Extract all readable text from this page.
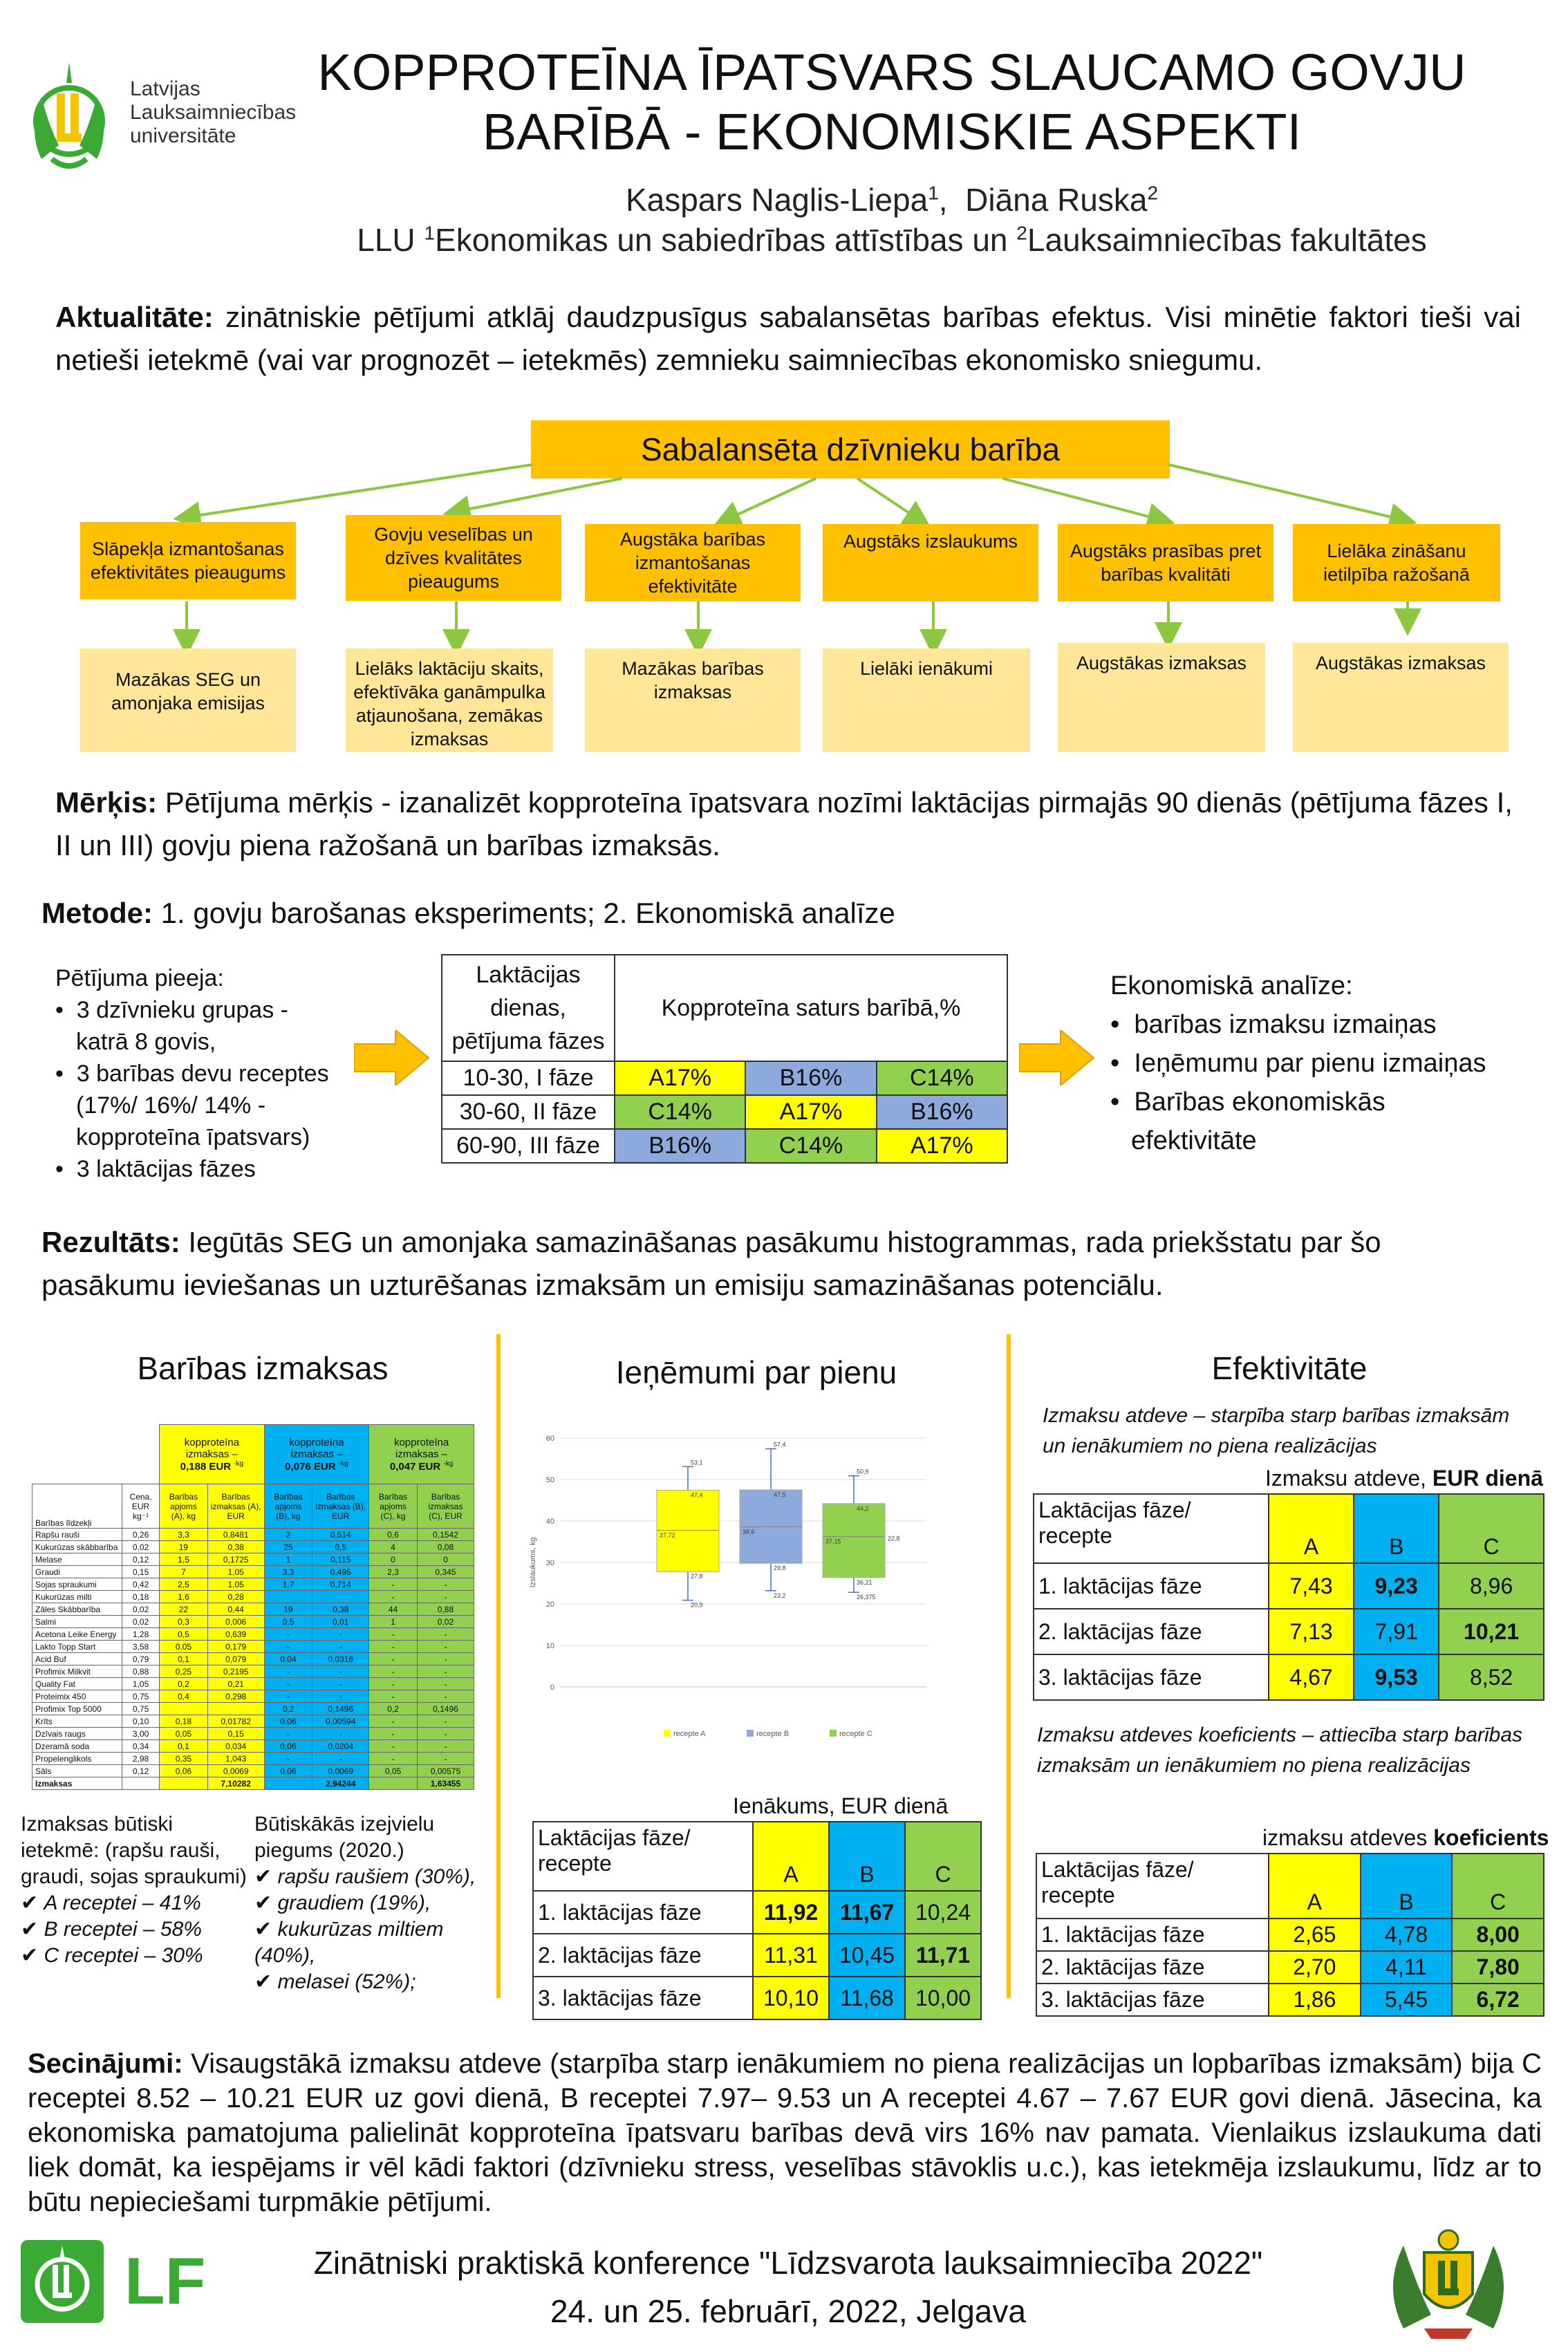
Latvijas
Lauksaimniecības
universitāte
KOPPROTEĪNA ĪPATSVARS SLAUCAMO GOVJU
BARĪBĀ - EKONOMISKIE ASPEKTI
Kaspars Naglis-Liepa$^1$,  Diāna Ruska$^2$
LLU $^1$Ekonomikas un sabiedrības attīstības un $^2$Lauksaimniecības fakultātes
Aktualitāte: zinātniskie pētījumi atklāj daudzpusīgus sabalansētas barības efektus. Visi minētie faktori tieši vai netieši ietekmē (vai var prognozēt – ietekmēs) zemnieku saimniecības ekonomisko sniegumu.
Sabalansēta dzīvnieku barība
Slāpekļa izmantošanas efektivitātes pieaugums
Govju veselības un dzīves kvalitātes pieaugums
Augstāka barības izmantošanas efektivitāte
Augstāks izslaukums	Augstāks prasības pret barības kvalitāti
Lielāka zināšanu ietilpība ražošanā
Mazākas SEG un amonjaka emisijas
Lielāks laktāciju skaits, efektīvāka ganāmpulka atjaunošana, zemākas izmaksas
Mazākas barības izmaksas
Lielāki ienākumi	Augstākas izmaksas	Augstākas izmaksas
Mērķis: Pētījuma mērķis - izanalizēt kopproteīna īpatsvara nozīmi laktācijas pirmajās 90 dienās (pētījuma fāzes I, II un III) govju piena ražošanā un barības izmaksās.
Metode: 1. govju barošanas eksperiments; 2. Ekonomiskā analīze
Pētījuma pieeja:
•  3 dzīvnieku grupas - katrā 8 govis,
•  3 barības devu receptes (17%/ 16%/ 14% - kopproteīna īpatsvars)
•  3 laktācijas fāzes
Laktācijas dienas, pētījuma fāzes	Kopproteīna saturs barībā,%		
10-30, I fāze	A17%	B16%	C14%
30-60, II fāze	C14%	A17%	B16%
60-90, III fāze	B16%	C14%	A17%
Ekonomiskā analīze:
•  barības izmaksu izmaiņas
•  Ieņēmumu par pienu izmaiņas
•  Barības ekonomiskās efektivitāte
Rezultāts: Iegūtās SEG un amonjaka samazināšanas pasākumu histogrammas, rada priekšstatu par šo pasākumu ieviešanas un uzturēšanas izmaksām un emisiju samazināšanas potenciālu.
Barības izmaksas
		kopproteīna izmaksas –
0,188 EUR $^{-kg}$		kopproteīna izmaksas –
0,076 EUR $^{-kg}$		kopproteīna izmaksas –
0,047 EUR $^{-kg}$
Barības līdzekļi	Cena, EUR kg⁻¹	Barības apjoms (A), kg	Barības izmaksas (A), EUR	Barības apjoms (B), kg	Barības izmaksas (B), EUR	Barības apjoms (C), kg	Barības izmaksas (C), EUR
Rapšu rauši	0,26	3,3	0,8481	2	0,514	0,6	0,1542
Kukurūzas skābbarība	0,02	19	0,38	25	0,5	4	0,08
Melase	0,12	1,5	0,1725	1	0,115	0	0
Graudi	0,15	7	1,05	3,3	0,495	2,3	0,345
Sojas spraukumi	0,42	2,5	1,05	1,7	0,714	-	-
Kukurūzas milti	0,18	1,6	0,28			-	-
Zāles Skābbarība	0,02	22	0,44	19	0,38	44	0,88
Salmi	0,02	0,3	0,006	0,5	0,01	1	0,02
Acetona Leike Energy	1,28	0,5	0,639	-	-	-	-
Lakto Topp Start	3,58	0,05	0,179	-	-	-	-
Acid Buf	0,79	0,1	0,079	0,04	0,0316	-	-
Profimix Milkvit	0,88	0,25	0,2195	-	-	-	-
Quality Fat	1,05	0,2	0,21	-	-	-	-
Proteimix 450	0,75	0,4	0,298	-	-	-	-
Profimix Top 5000	0,75			0,2	0,1496	0,2	0,1496
Krīts	0,10	0,18	0,01782	0,06	0,00594	-	-
Dzīvais raugs	3,00	0,05	0,15	-	-	-	-
Dzeramā soda	0,34	0,1	0,034	0,06	0,0204	-	-
Propelenglikols	2,98	0,35	1,043	-	-	-	-
Sāls	0,12	0,06	0,0069	0,06	0,0069	0,05	0,00575
Izmaksas			7,10282		2,94244		1,63455
Izmaksas būtiski ietekmē: (rapšu rauši, graudi, sojas spraukumi)
✔ A receptei – 41%
✔ B receptei – 58%
✔ C receptei – 30%
Būtiskākās izejvielu piegums (2020.)
✔ rapšu raušiem (30%),
✔ graudiem (19%),
✔ kukurūzas miltiem (40%),
✔ melasei (52%);
Ieņēmumi par pienu
0
10
20
30
40
50
60
Izslaukums, kg
53,1
47,4
37,72
27,8
20,9
57,4
47,5
38,6
29,8
23,2
50,9
44,2
37,15
36,21
26,375
22,8
recepte A	recepte B	recepte C
Ienākums, EUR dienā
Laktācijas fāze/ recepte	A	B	C
1. laktācijas fāze	11,92	11,67	10,24
2. laktācijas fāze	11,31	10,45	11,71
3. laktācijas fāze	10,10	11,68	10,00
Efektivitāte
Izmaksu atdeve – starpība starp barības izmaksām un ienākumiem no piena realizācijas
Izmaksu atdeve, EUR dienā
Laktācijas fāze/ recepte	A	B	C
1. laktācijas fāze	7,43	9,23	8,96
2. laktācijas fāze	7,13	7,91	10,21
3. laktācijas fāze	4,67	9,53	8,52
Izmaksu atdeves koeficients – attiecība starp barības izmaksām un ienākumiem no piena realizācijas
izmaksu atdeves koeficients
Laktācijas fāze/ recepte	A	B	C
1. laktācijas fāze	2,65	4,78	8,00
2. laktācijas fāze	2,70	4,11	7,80
3. laktācijas fāze	1,86	5,45	6,72
Secinājumi: Visaugstākā izmaksu atdeve (starpība starp ienākumiem no piena realizācijas un lopbarības izmaksām) bija C receptei 8.52 – 10.21 EUR uz govi dienā, B receptei 7.97– 9.53 un A receptei 4.67 – 7.67 EUR govi dienā. Jāsecina, ka ekonomiska pamatojuma palielināt kopproteīna īpatsvaru barības devā virs 16% nav pamata. Vienlaikus izslaukuma dati liek domāt, ka iespējams ir vēl kādi faktori (dzīvnieku stress, veselības stāvoklis u.c.), kas ietekmēja izslaukumu, līdz ar to būtu nepieciešami turpmākie pētījumi.
LF	Zinātniski praktiskā konference "Līdzsvarota lauksaimniecība 2022"
24. un 25. februārī, 2022, Jelgava
